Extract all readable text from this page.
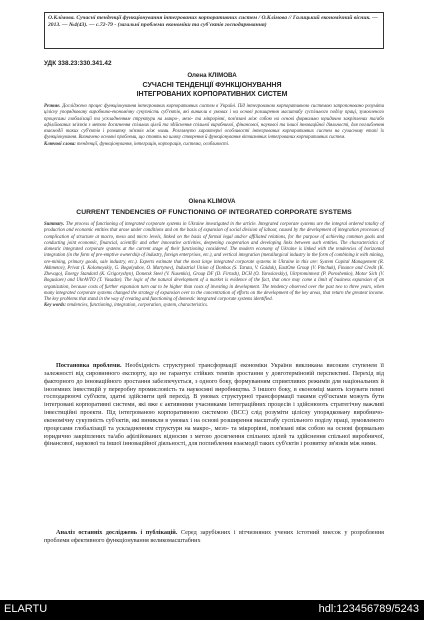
О.Клімова. Сучасні тенденції функціонування інтегрованих корпоративних систем / О.Клімова // Галицький економічний вісник. — 2013. — №4(43). — с.72-79 - (загальні проблеми економіки та суб'єктів господарювання)
УДК 338.23:330.341.42
Олена КЛІМОВА
СУЧАСНІ ТЕНДЕНЦІЇ ФУНКЦІОНУВАННЯ
ІНТЕГРОВАНИХ КОРПОРАТИВНИХ СИСТЕМ
Резюме. Досліджено процес функціонування інтегрованих корпоративних систем в Україні. Під інтегрованою корпоративною системою запропоновано розуміти цілісну упорядковану виробничо-економічну сукупність суб'єктів, які виникли в умовах і на основі розширення масштабу суспільного поділу праці, зумовленого процесами глобалізації та ускладненням структури на макро-, мезо- та мікрорівні, пов'язані між собою на основі формально юридично закріплених та/або афілійованих зв'язків з метою досягнення спільних цілей та здійснення спільної виробничої, фінансової, наукової та іншої інноваційної діяльності, для поглиблення взаємодії таких суб'єктів і розвитку зв'язків між ними. Розглянуто характерні особливості інтегрованих корпоративних систем на сучасному етапі їх функціонування. Визначено основні проблеми, що стоять на шляху створення й функціонування вітчизняних інтегрованих корпоративних систем.
Ключові слова: тенденції, функціонування, інтеграція, корпорація, система, особливості.
Olena KLIMOVA
CURRENT TENDENCIES OF FUNCTIONING OF INTEGRATED CORPORATE SYSTEMS
Summary. The process of functioning of integrated corporate systems in Ukraine investigated in the article. Integrated corporate systems are the integral ordered totality of production and economic entities that arose under conditions and on the basis of expansion of social division of labour, caused by the development of integration processes of complication of structure at macro, meso and micro levels, linked on the basis of formal legal and/or affiliated relations, for the purpose of achieving common goals and conducting joint economic, financial, scientific and other innovative activities, deepening cooperation and developing links between such entities. The characteristics of domestic integrated corporate systems at the current stage of their functioning considered. The modern economy of Ukraine is linked with the tendencies of horizontal integration (in the form of pre-emptive ownership of industry, foreign enterprises, etc.), and vertical integration (metallurgical industry in the form of combining it with mining, ore-mining, primary goods, sale industry, etc.). Experts estimate that the most large integrated corporate systems in Ukraine in this are: System Capital Management (R. Akhmetov), Privat (I. Kolomoyskiy, G. Bogolyubov, O. Martynov), Industrial Union of Donbas (S. Taruta, V. Gaiduk), EastOne Group (V. Pinchuk), Finance and Credit (K. Zhevago), Energy Standard (K. Grigoryshyn), Donetsk Steel (V. Nusenkis), Group DF (D. Firtash), DCH (O. Yaroslavskiy), Ukrpromimvest (P. Poroshenko), Motor Sich (V. Boguslaev) and UkrAVTO (T. Vasadze). The logic of the natural development of a market is evidence of the fact, that once may come a limit of business expansion of an organization, because costs of further expansion turn out to be higher than costs of investing in development. The tendency observed over the past two to three years, when many integrated corporate systems changed the strategy of expansion over to the concentration of efforts on the development of the key areas, that return the greatest income. The key problems that stand in the way of creating and functioning of domestic integrated corporate systems identified.
Key words: tendencies, functioning, integration, corporation, system, characteristics.
Постановка проблеми. Необхідність структурної трансформації економіки України викликана високим ступенем її залежності від сировинного експорту, що не гарантує стійких темпів зростання у довготерміновій перспективі. Перехід від факторного до інноваційного зростання забезпечується, з одного боку, формуванням сприятливих режимів для національних й іноземних інвестицій у переробну промисловість та наукоємні виробництва. З іншого боку, в економіці мають існувати певні господарюючі суб'єкти, здатні здійснити цей перехід. В умовах структурної трансформації такими суб'єктами можуть бути інтегровані корпоративні системи, які вже є активними учасниками інтеграційних процесів і здійснюють стратегічну важливі інвестиційні проекти. Під інтегрованою корпоративною системою (ВСС) слід розуміти цілісну упорядковану виробничо-економічну сукупність суб'єктів, які виникли в умовах і на основі розширення масштабу суспільного поділу праці, зумовленого процесами глобалізації та ускладненням структури на макро-, мезо- та мікрорівні, пов'язані між собою на основі формально юридично закріплених та/або афілійованих відносин з метою досягнення спільних цілей та здійснення спільної виробничої, фінансової, наукової та іншої інноваційної діяльності, для поглиблення взаємодії таких суб'єктів і розвитку зв'язків між ними.
Аналіз останніх досліджень і публікацій. Серед зарубіжних і вітчизняних учених істотний внесок у розроблення проблеми ефективного функціонування великомасштабних
ELARTU	hdl:123456789/5243
